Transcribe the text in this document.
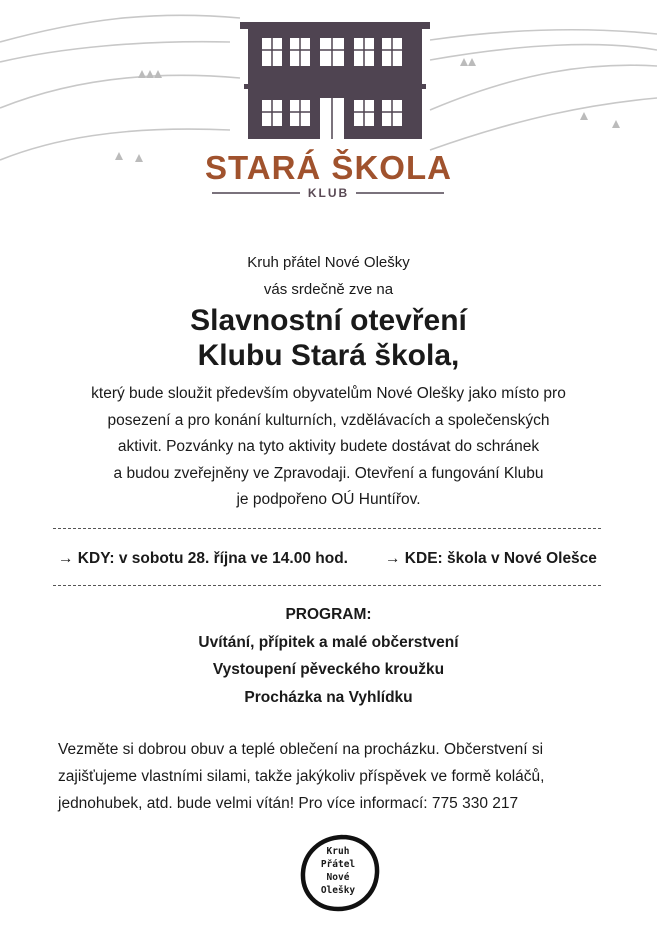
STARÁ ŠKOLA
KLUB
Kruh přátel Nové Olešky
vás srdečně zve na
Slavnostní otevření
Klubu Stará škola,
který bude sloužit především obyvatelům Nové Olešky jako místo pro
posezení a pro konání kulturních, vzdělávacích a společenských
aktivit. Pozvánky na tyto aktivity budete dostávat do schránek
a budou zveřejněny ve Zpravodaji. Otevření a fungování Klubu
je podpořeno OÚ Huntířov.
→ KDY: v sobotu 28. října ve 14.00 hod. → KDE: škola v Nové Olešce
PROGRAM:
Uvítání, přípitek a malé občerstvení
Vystoupení pěveckého kroužku
Procházka na Vyhlídku
Vezměte si dobrou obuv a teplé oblečení na procházku. Občerstvení si
zajišťujeme vlastními silami, takže jakýkoliv příspěvek ve formě koláčů,
jednohubek, atd. bude velmi vítán! Pro více informací: 775 330 217
Kruh
Přátel
Nové
Olešky
